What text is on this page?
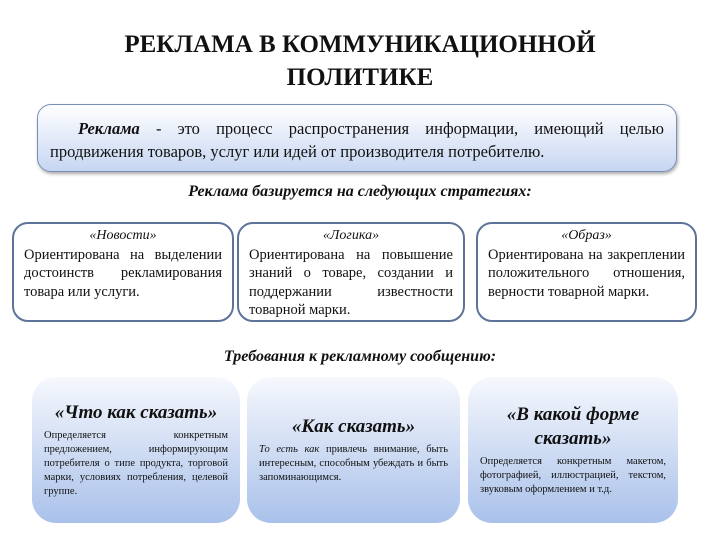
РЕКЛАМА В КОММУНИКАЦИОННОЙ
ПОЛИТИКЕ
Реклама - это процесс распространения информации, имеющий целью продвижения товаров, услуг или идей от производителя потребителю.
Реклама базируется на следующих стратегиях:
«Новости»
Ориентирована на выделении достоинств рекламирования товара или услуги.
«Логика»
Ориентирована на повышение знаний о товаре, создании и поддержании известности товарной марки.
«Образ»
Ориентирована на закреплении положительного отношения, верности товарной марки.
Требования к рекламному сообщению:
«Что как сказать»
Определяется конкретным предложением, информирующим потребителя о типе продукта, торговой марки, условиях потребления, целевой группе.
«Как сказать»
То есть как привлечь внимание, быть интересным, способным убеждать и быть запоминающимся.
«В какой форме сказать»
Определяется конкретным макетом, фотографией, иллюстрацией, текстом, звуковым оформлением и т.д.
